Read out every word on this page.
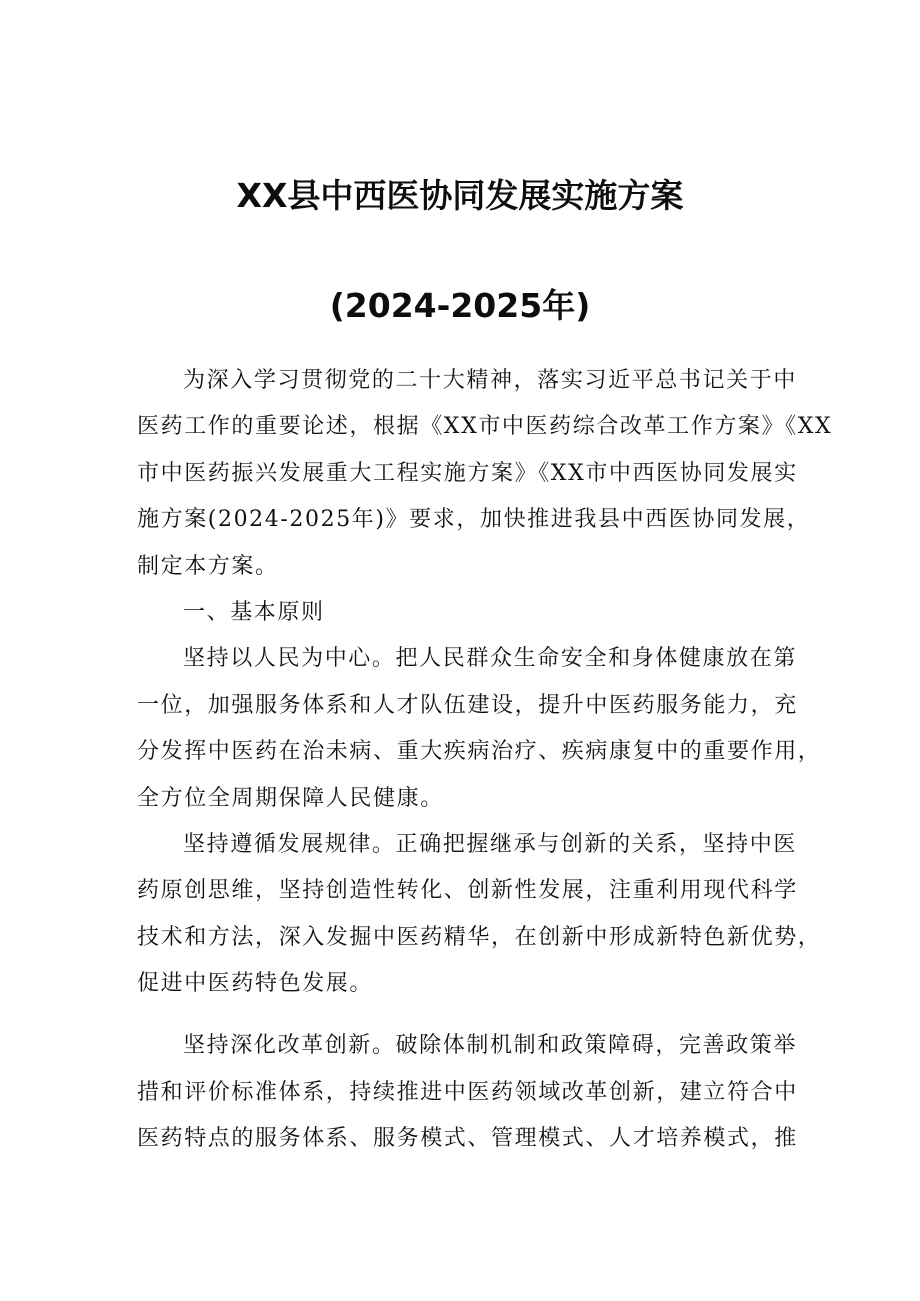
XX县中西医协同发展实施方案
(2024-2025年)
为深入学习贯彻党的二十大精神，落实习近平总书记关于中
医药工作的重要论述，根据《XX市中医药综合改革工作方案》《XX
市中医药振兴发展重大工程实施方案》《XX市中西医协同发展实
施方案(2024-2025年)》要求，加快推进我县中西医协同发展，
制定本方案。
一、基本原则
坚持以人民为中心。把人民群众生命安全和身体健康放在第
一位，加强服务体系和人才队伍建设，提升中医药服务能力，充
分发挥中医药在治未病、重大疾病治疗、疾病康复中的重要作用，
全方位全周期保障人民健康。
坚持遵循发展规律。正确把握继承与创新的关系，坚持中医
药原创思维，坚持创造性转化、创新性发展，注重利用现代科学
技术和方法，深入发掘中医药精华，在创新中形成新特色新优势，
促进中医药特色发展。
坚持深化改革创新。破除体制机制和政策障碍，完善政策举
措和评价标准体系，持续推进中医药领域改革创新，建立符合中
医药特点的服务体系、服务模式、管理模式、人才培养模式，推
